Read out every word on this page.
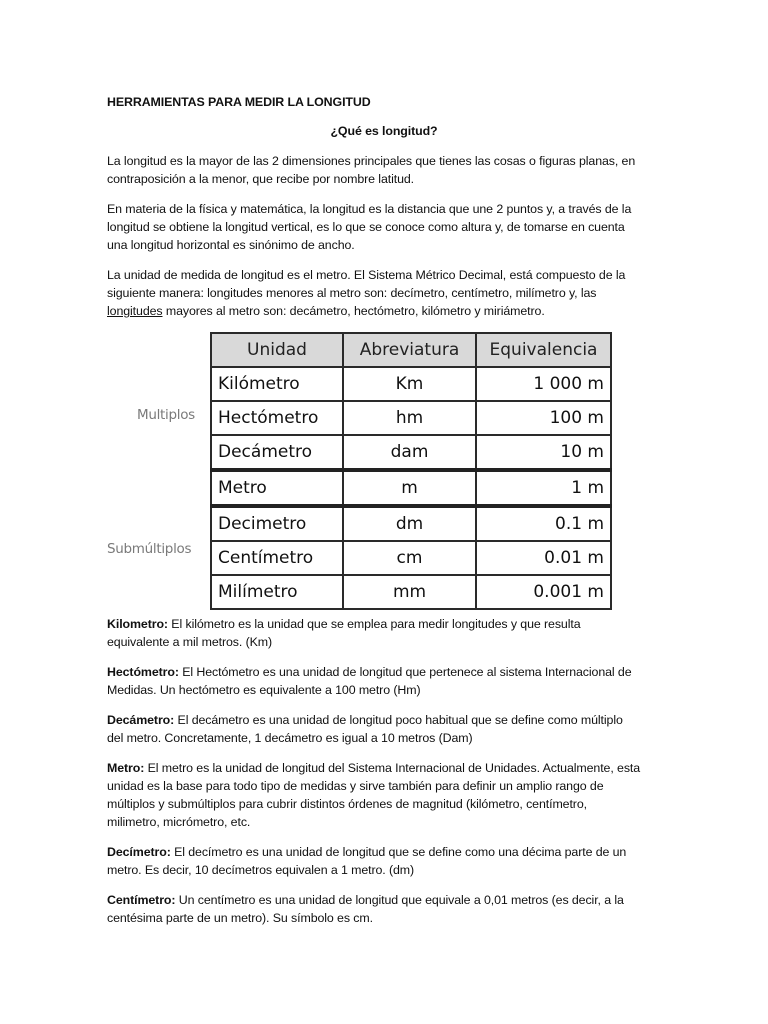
HERRAMIENTAS PARA MEDIR LA LONGITUD
¿Qué es longitud?
La longitud es la mayor de las 2 dimensiones principales que tienes las cosas o figuras planas, en
contraposición a la menor, que recibe por nombre latitud.
En materia de la física y matemática, la longitud es la distancia que une 2 puntos y, a través de la
longitud se obtiene la longitud vertical, es lo que se conoce como altura y, de tomarse en cuenta
una longitud horizontal es sinónimo de ancho.
La unidad de medida de longitud es el metro. El Sistema Métrico Decimal, está compuesto de la
siguiente manera: longitudes menores al metro son: decímetro, centímetro, milímetro y, las
longitudes mayores al metro son: decámetro, hectómetro, kilómetro y miriámetro.
Multiplos
Submúltiplos
Unidad	Abreviatura	Equivalencia
Kilómetro	Km	1 000 m
Hectómetro	hm	100 m
Decámetro	dam	10 m
Metro	m	1 m
Decimetro	dm	0.1 m
Centímetro	cm	0.01 m
Milímetro	mm	0.001 m
Kilometro: El kilómetro es la unidad que se emplea para medir longitudes y que resulta
equivalente a mil metros. (Km)
Hectómetro: El Hectómetro es una unidad de longitud que pertenece al sistema Internacional de
Medidas. Un hectómetro es equivalente a 100 metro (Hm)
Decámetro: El decámetro es una unidad de longitud poco habitual que se define como múltiplo
del metro. Concretamente, 1 decámetro es igual a 10 metros (Dam)
Metro: El metro es la unidad de longitud del Sistema Internacional de Unidades. Actualmente, esta
unidad es la base para todo tipo de medidas y sirve también para definir un amplio rango de
múltiplos y submúltiplos para cubrir distintos órdenes de magnitud (kilómetro, centímetro,
milimetro, micrómetro, etc.
Decímetro: El decímetro es una unidad de longitud que se define como una décima parte de un
metro. Es decir, 10 decímetros equivalen a 1 metro. (dm)
Centímetro: Un centímetro es una unidad de longitud que equivale a 0,01 metros (es decir, a la
centésima parte de un metro). Su símbolo es cm.
